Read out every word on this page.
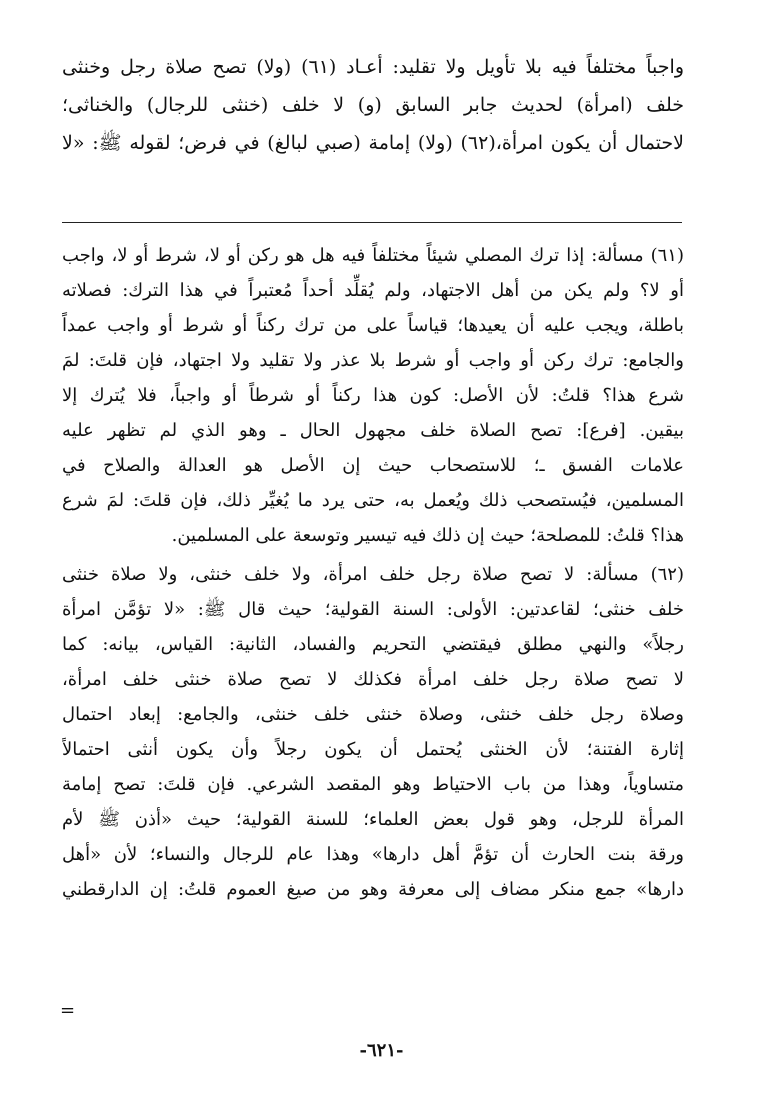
واجباً مختلفاً فيه بلا تأويل ولا تقليد: أعـاد (٦١) (ولا) تصح صلاة رجل وخنثى
خلف (امرأة) لحديث جابر السابق (و) لا خلف (خنثى للرجال) والخناثى؛
لاحتمال أن يكون امرأة،(٦٢) (ولا) إمامة (صبي لبالغ) في فرض؛ لقوله ﷺ: «لا
(٦١) مسألة: إذا ترك المصلي شيئاً مختلفاً فيه هل هو ركن أو لا، شرط أو لا، واجب
أو لا؟ ولم يكن من أهل الاجتهاد، ولم يُقلِّد أحداً مُعتبراً في هذا الترك: فصلاته
باطلة، ويجب عليه أن يعيدها؛ قياساً على من ترك ركناً أو شرط أو واجب عمداً
والجامع: ترك ركن أو واجب أو شرط بلا عذر ولا تقليد ولا اجتهاد، فإن قلتَ: لمَ
شرع هذا؟ قلتُ: لأن الأصل: كون هذا ركناً أو شرطاً أو واجباً، فلا يُترك إلا
بيقين. [فرع]: تصح الصلاة خلف مجهول الحال ـ وهو الذي لم تظهر عليه
علامات الفسق ـ؛ للاستصحاب حيث إن الأصل هو العدالة والصلاح في
المسلمين، فيُستصحب ذلك ويُعمل به، حتى يرد ما يُغيِّر ذلك، فإن قلتَ: لمَ شرع
هذا؟ قلتُ: للمصلحة؛ حيث إن ذلك فيه تيسير وتوسعة على المسلمين.
(٦٢) مسألة: لا تصح صلاة رجل خلف امرأة، ولا خلف خنثى، ولا صلاة خنثى
خلف خنثى؛ لقاعدتين: الأولى: السنة القولية؛ حيث قال ﷺ: «لا تؤمَّن امرأة
رجلاً» والنهي مطلق فيقتضي التحريم والفساد، الثانية: القياس، بيانه: كما
لا تصح صلاة رجل خلف امرأة فكذلك لا تصح صلاة خنثى خلف امرأة،
وصلاة رجل خلف خنثى، وصلاة خنثى خلف خنثى، والجامع: إبعاد احتمال
إثارة الفتنة؛ لأن الخنثى يُحتمل أن يكون رجلاً وأن يكون أنثى احتمالاً
متساوياً، وهذا من باب الاحتياط وهو المقصد الشرعي. فإن قلتَ: تصح إمامة
المرأة للرجل، وهو قول بعض العلماء؛ للسنة القولية؛ حيث «أذن ﷺ لأم
ورقة بنت الحارث أن تؤمَّ أهل دارها» وهذا عام للرجال والنساء؛ لأن «أهل
دارها» جمع منكر مضاف إلى معرفة وهو من صيغ العموم قلتُ: إن الدارقطني
=
-٦٢١-
